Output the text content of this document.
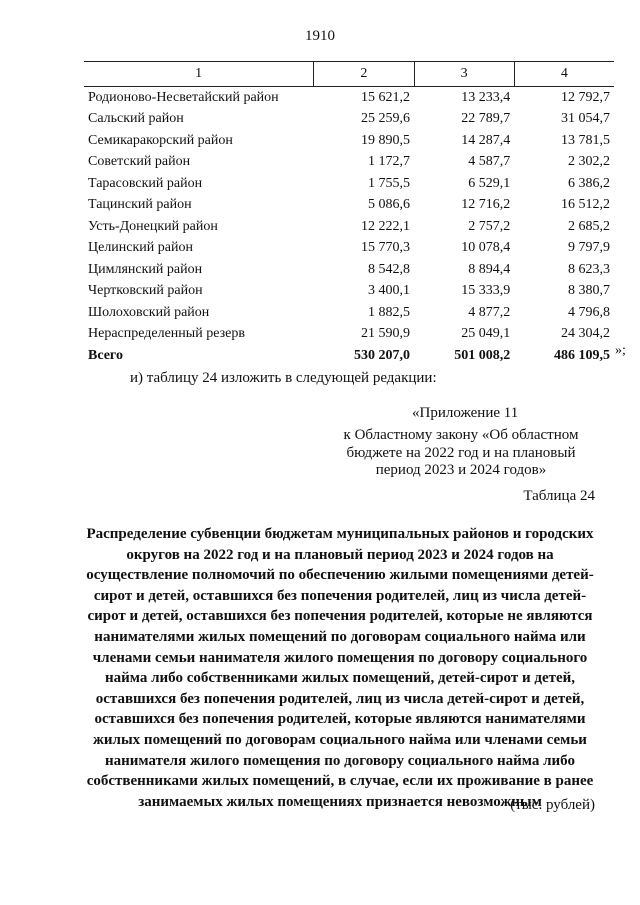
1910
1	2	3	4
Родионово-Несветайский район	15 621,2	13 233,4	12 792,7
Сальский район	25 259,6	22 789,7	31 054,7
Семикаракорский район	19 890,5	14 287,4	13 781,5
Советский район	1 172,7	4 587,7	2 302,2
Тарасовский район	1 755,5	6 529,1	6 386,2
Тацинский район	5 086,6	12 716,2	16 512,2
Усть-Донецкий район	12 222,1	2 757,2	2 685,2
Целинский район	15 770,3	10 078,4	9 797,9
Цимлянский район	8 542,8	8 894,4	8 623,3
Чертковский район	3 400,1	15 333,9	8 380,7
Шолоховский район	1 882,5	4 877,2	4 796,8
Нераспределенный резерв	21 590,9	25 049,1	24 304,2
Всего	530 207,0	501 008,2	486 109,5 »;
и) таблицу 24 изложить в следующей редакции:
«Приложение 11
к Областному закону «Об областном бюджете на 2022 год и на плановый период 2023 и 2024 годов»
Таблица 24

Распределение субвенции бюджетам муниципальных районов и городских округов на 2022 год и на плановый период 2023 и 2024 годов на осуществление полномочий по обеспечению жилыми помещениями детей-сирот и детей, оставшихся без попечения родителей, лиц из числа детей-сирот и детей, оставшихся без попечения родителей, которые не являются нанимателями жилых помещений по договорам социального найма или членами семьи нанимателя жилого помещения по договору социального найма либо собственниками жилых помещений, детей-сирот и детей, оставшихся без попечения родителей, лиц из числа детей-сирот и детей, оставшихся без попечения родителей, которые являются нанимателями жилых помещений по договорам социального найма или членами семьи нанимателя жилого помещения по договору социального найма либо собственниками жилых помещений, в случае, если их проживание в ранее занимаемых жилых помещениях признается невозможным

(тыс. рублей)
